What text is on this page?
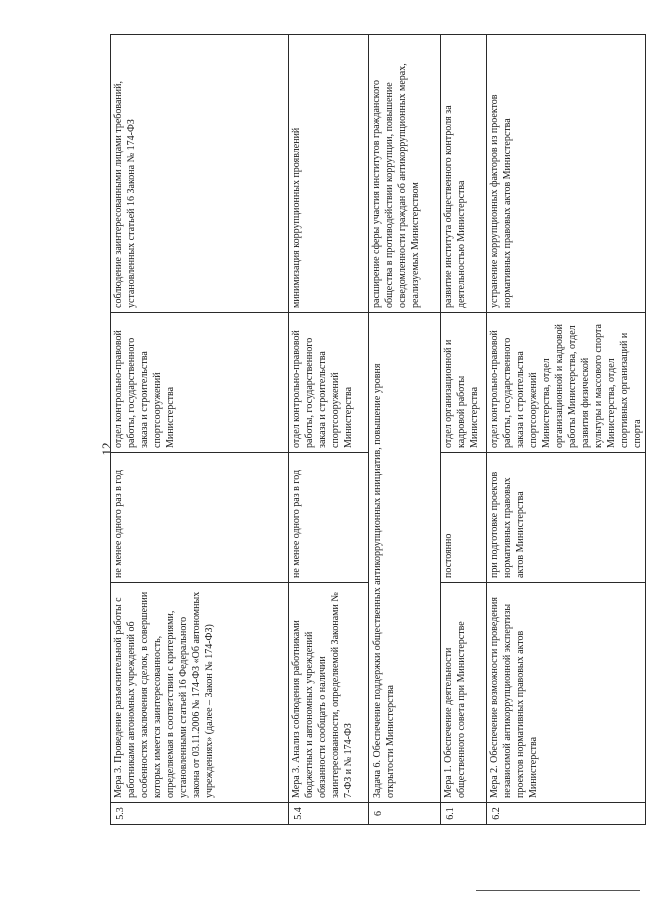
12
5.3	Мера 3. Проведение разъяснительной работы с работниками автономных учреждений об особенностях заключения сделок, в совершении которых имеется заинтересованность, определяемая в соответствии с критериями, установленными статьей 16 Федерального закона от 03.11.2006 № 174-ФЗ «Об автономных учреждениях» (далее – Закон № 174-ФЗ)	не менее одного раз в год	отдел контрольно-правовой работы, государственного заказа и строительства спортсооружений Министерства	соблюдение заинтересованными лицами требований, установленных статьей 16 Закона № 174-ФЗ
5.4	Мера 3. Анализ соблюдения работниками бюджетных и автономных учреждений обязанности сообщать о наличии заинтересованности, определяемой Законами № 7-ФЗ и № 174-ФЗ	не менее одного раз в год	отдел контрольно-правовой работы, государственного заказа и строительства спортсооружений Министерства	минимизация коррупционных проявлений
6	Задача 6. Обеспечение поддержки общественных антикоррупционных инициатив, повышение уровня открытости Министерства			расширение сферы участия институтов гражданского общества в противодействии коррупции, повышение осведомленности граждан об антикоррупционных мерах, реализуемых Министерством
6.1	Мера 1. Обеспечение деятельности общественного совета при Министерстве	постоянно	отдел организационной и кадровой работы Министерства	развитие института общественного контроля за деятельностью Министерства
6.2	Мера 2. Обеспечение возможности проведения независимой антикоррупционной экспертизы проектов нормативных правовых актов Министерства	при подготовке проектов нормативных правовых актов Министерства	отдел контрольно-правовой работы, государственного заказа и строительства спортсооружений Министерства, отдел организационной и кадровой работы Министерства, отдел развития физической культуры и массового спорта Министерства, отдел спортивных организаций и спорта	устранение коррупционных факторов из проектов нормативных правовых актов Министерства
